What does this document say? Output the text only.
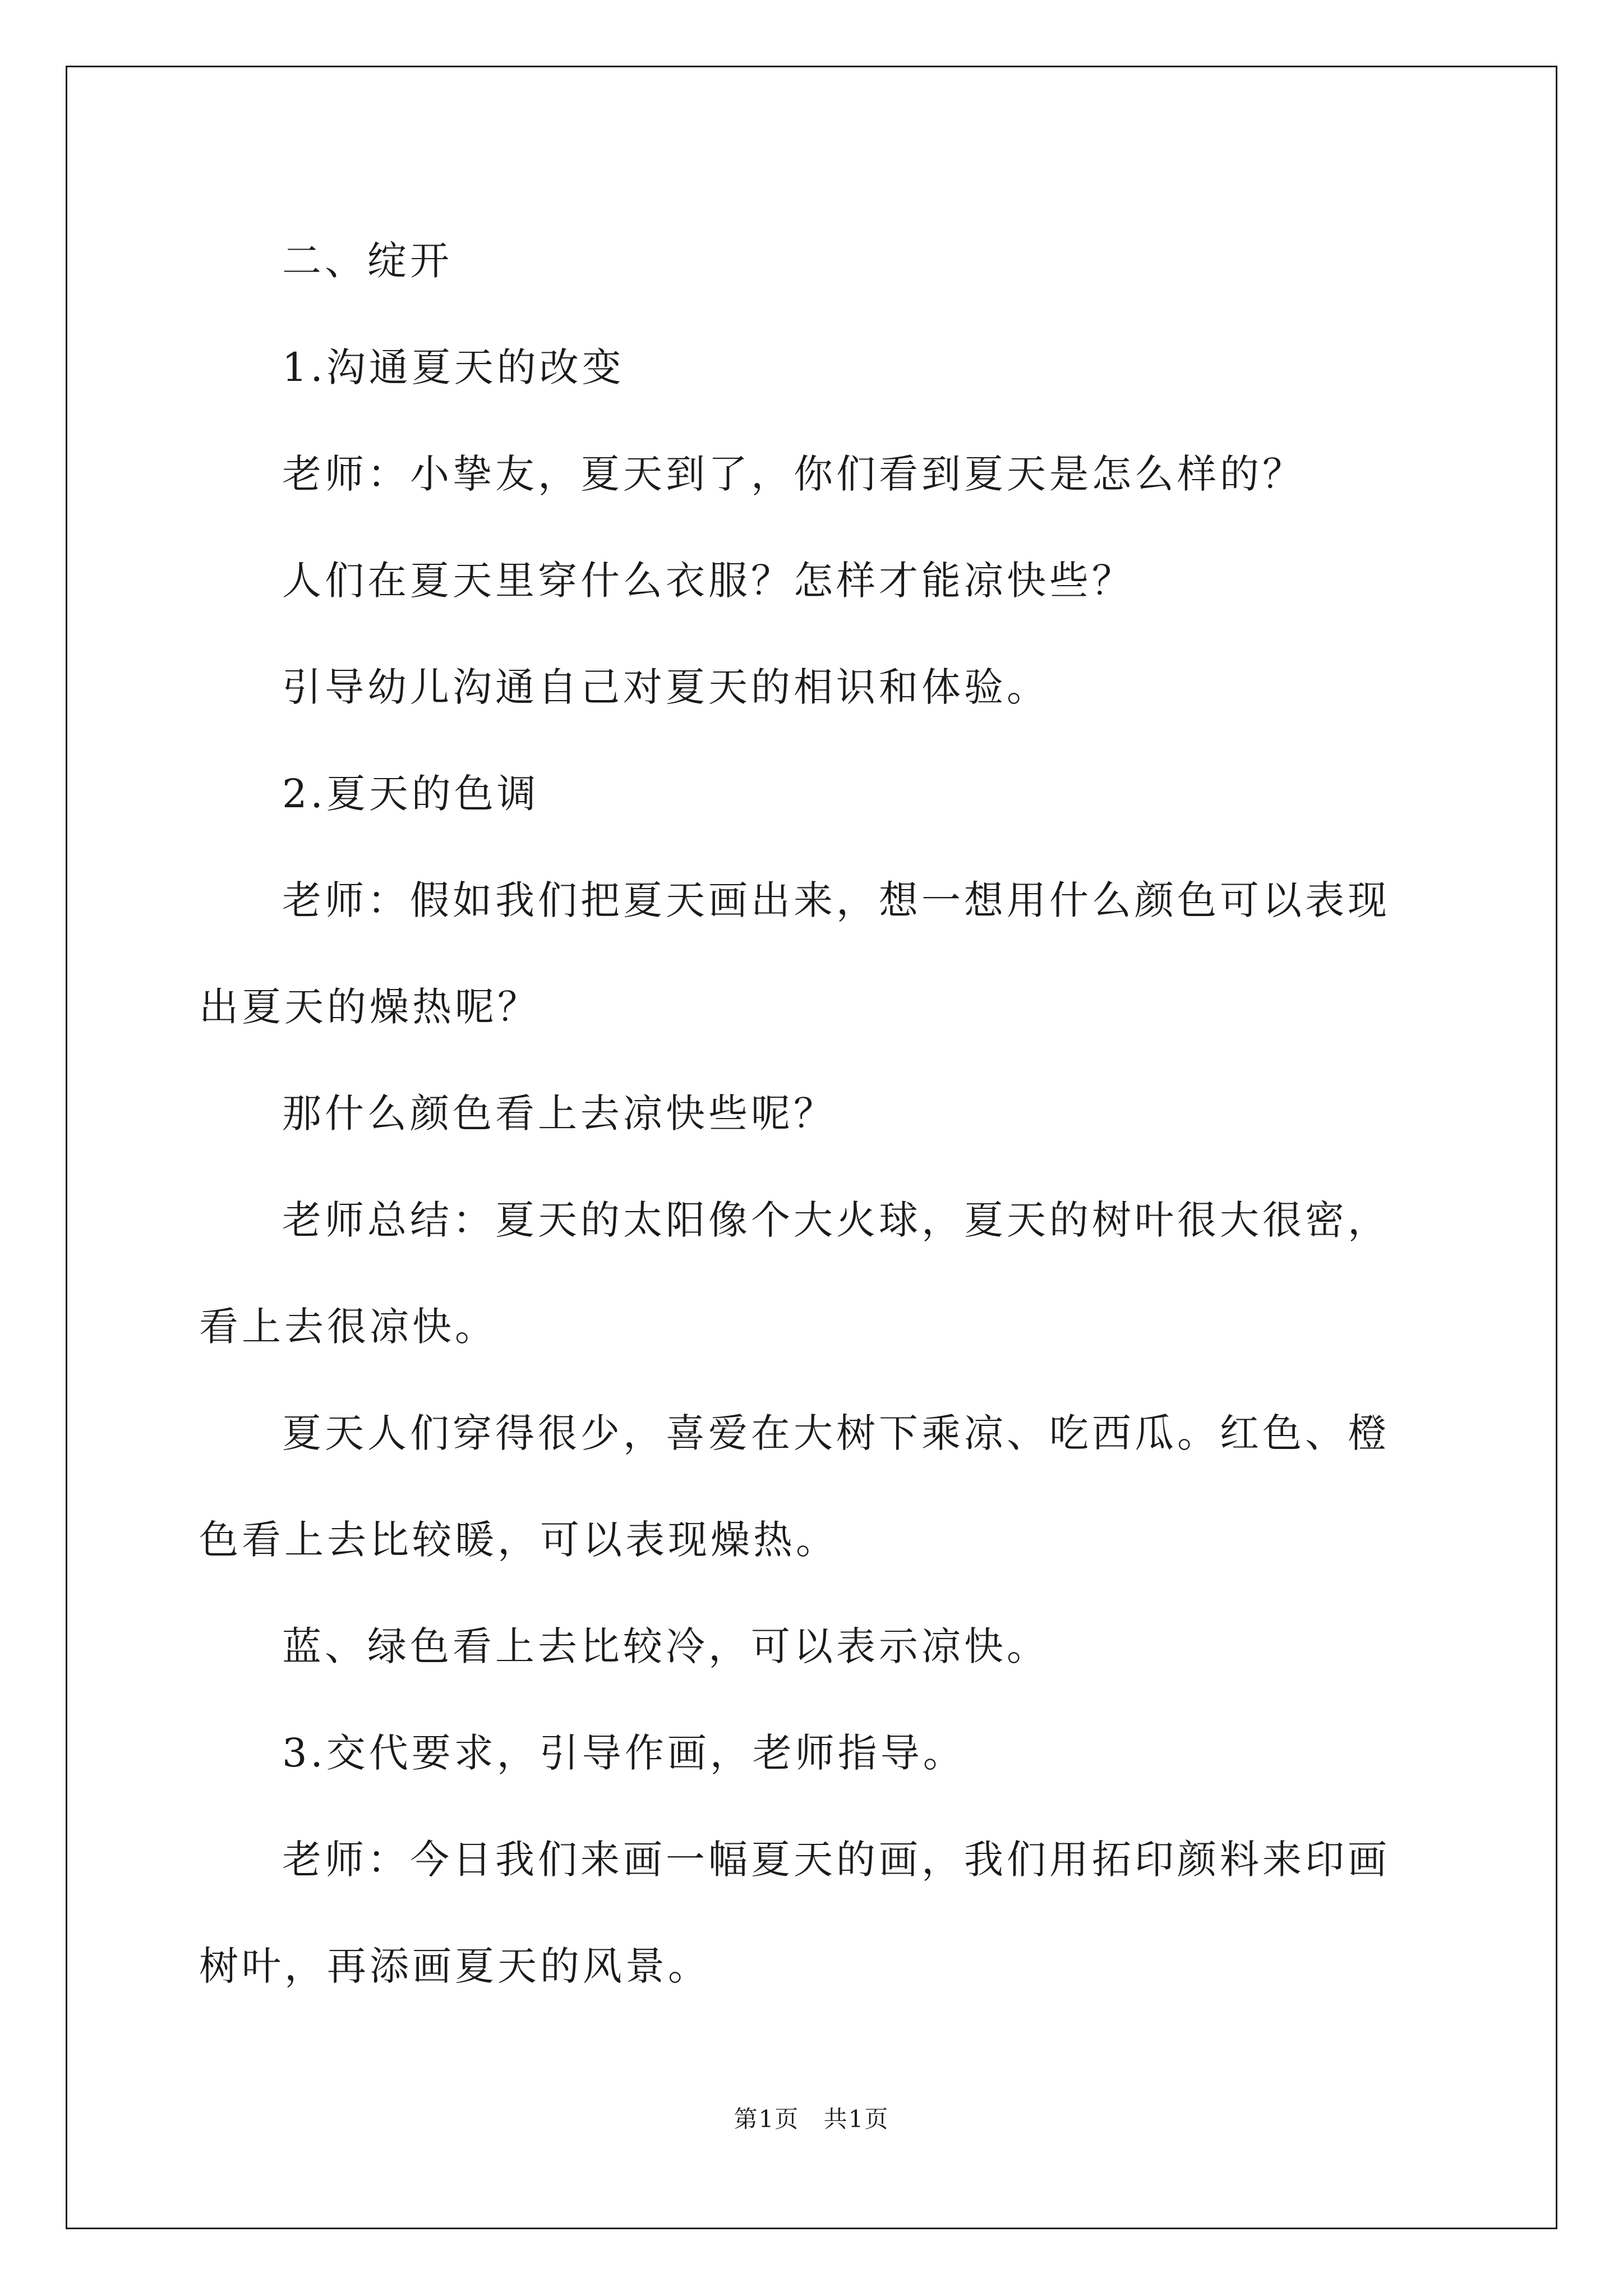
二、绽开

1.沟通夏天的改变

老师：小挚友，夏天到了，你们看到夏天是怎么样的？

人们在夏天里穿什么衣服？怎样才能凉快些？

引导幼儿沟通自己对夏天的相识和体验。

2.夏天的色调

老师：假如我们把夏天画出来，想一想用什么颜色可以表现出夏天的燥热呢？

那什么颜色看上去凉快些呢？

老师总结：夏天的太阳像个大火球，夏天的树叶很大很密，看上去很凉快。

夏天人们穿得很少，喜爱在大树下乘凉、吃西瓜。红色、橙色看上去比较暖，可以表现燥热。

蓝、绿色看上去比较冷，可以表示凉快。

3.交代要求，引导作画，老师指导。

老师：今日我们来画一幅夏天的画，我们用拓印颜料来印画树叶，再添画夏天的风景。

第1页 共1页
